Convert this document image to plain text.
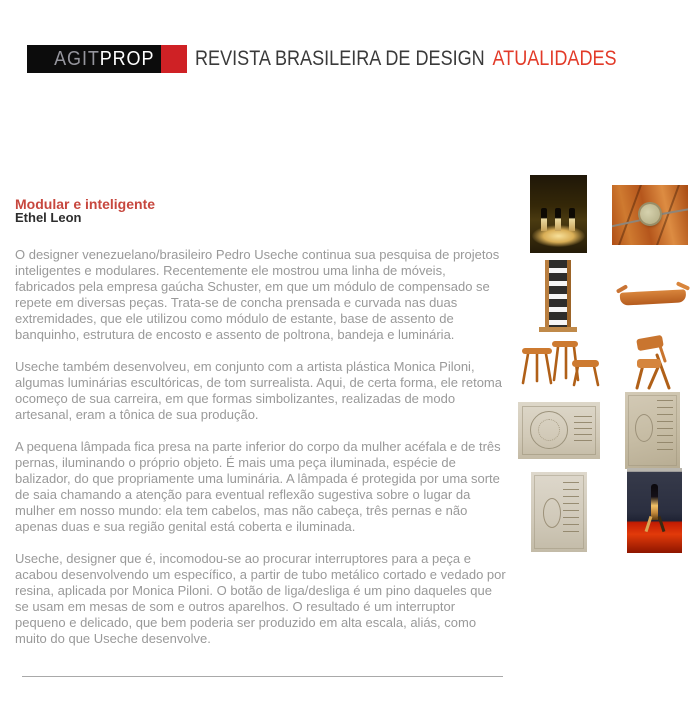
AGITPROP REVISTA BRASILEIRA DE DESIGN ATUALIDADES
Modular e inteligente
Ethel Leon

O designer venezuelano/brasileiro Pedro Useche continua sua pesquisa de projetos inteligentes e modulares. Recentemente ele mostrou uma linha de móveis, fabricados pela empresa gaúcha Schuster, em que um módulo de compensado se repete em diversas peças. Trata-se de concha prensada e curvada nas duas extremidades, que ele utilizou como módulo de estante, base de assento de banquinho, estrutura de encosto e assento de poltrona, bandeja e luminária.

Useche também desenvolveu, em conjunto com a artista plástica Monica Piloni, algumas luminárias escultóricas, de tom surrealista. Aqui, de certa forma, ele retoma ocomeço de sua carreira, em que formas simbolizantes, realizadas de modo artesanal, eram a tônica de sua produção.

A pequena lâmpada fica presa na parte inferior do corpo da mulher acéfala e de três pernas, iluminando o próprio objeto. É mais uma peça iluminada, espécie de balizador, do que propriamente uma luminária. A lâmpada é protegida por uma sorte de saia chamando a atenção para eventual reflexão sugestiva sobre o lugar da mulher em nosso mundo: ela tem cabelos, mas não cabeça, três pernas e não apenas duas e sua região genital está coberta e iluminada.

Useche, designer que é, incomodou-se ao procurar interruptores para a peça e acabou desenvolvendo um específico, a partir de tubo metálico cortado e vedado por resina, aplicada por Monica Piloni. O botão de liga/desliga é um pino daqueles que se usam em mesas de som e outros aparelhos. O resultado é um interruptor pequeno e delicado, que bem poderia ser produzido em alta escala, aliás, como muito do que Useche desenvolve.
